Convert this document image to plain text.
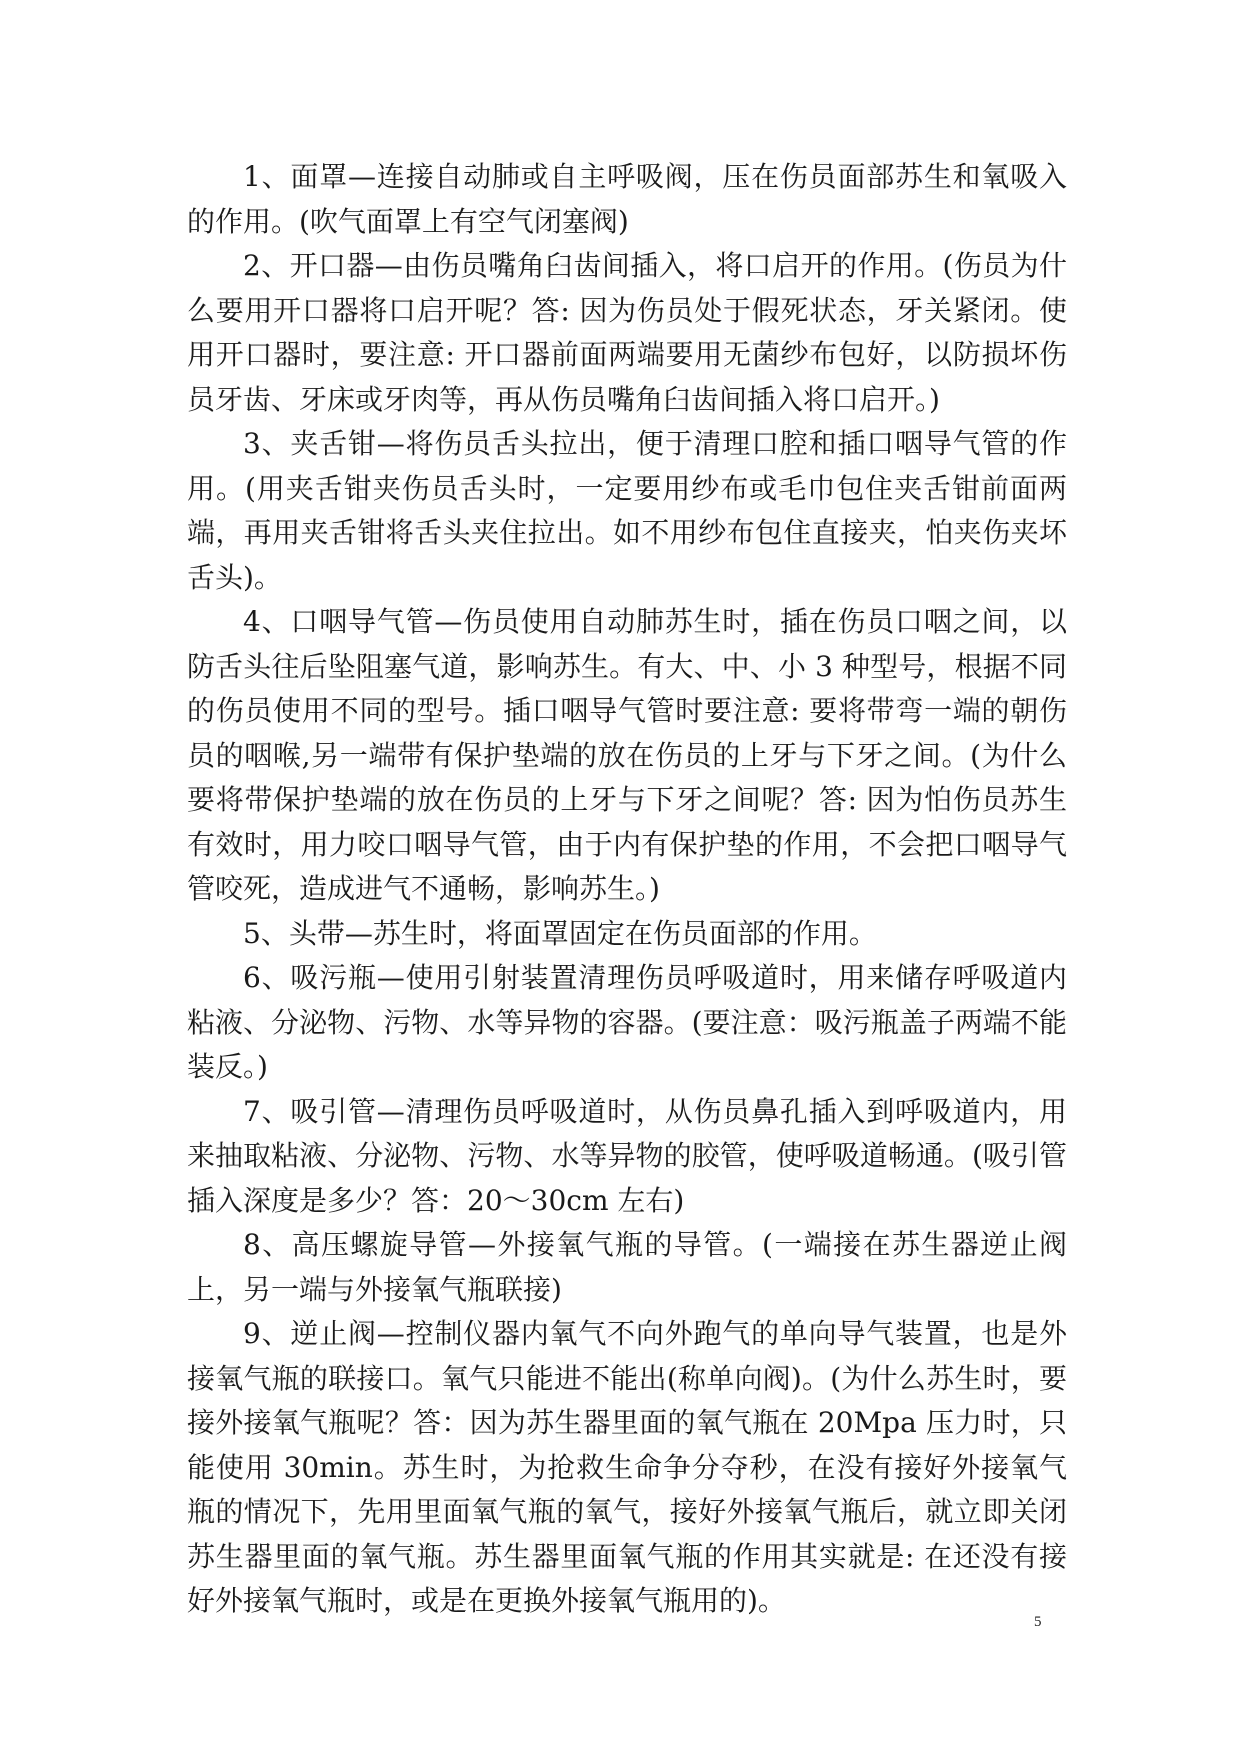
1、面罩—连接自动肺或自主呼吸阀，压在伤员面部苏生和氧吸入的作用。(吹气面罩上有空气闭塞阀)

2、开口器—由伤员嘴角臼齿间插入，将口启开的作用。(伤员为什么要用开口器将口启开呢？答: 因为伤员处于假死状态，牙关紧闭。使用开口器时，要注意: 开口器前面两端要用无菌纱布包好，以防损坏伤员牙齿、牙床或牙肉等，再从伤员嘴角臼齿间插入将口启开。)

3、夹舌钳—将伤员舌头拉出，便于清理口腔和插口咽导气管的作用。(用夹舌钳夹伤员舌头时，一定要用纱布或毛巾包住夹舌钳前面两端，再用夹舌钳将舌头夹住拉出。如不用纱布包住直接夹，怕夹伤夹坏舌头)。

4、口咽导气管—伤员使用自动肺苏生时，插在伤员口咽之间，以防舌头往后坠阻塞气道，影响苏生。有大、中、小 3 种型号，根据不同的伤员使用不同的型号。插口咽导气管时要注意: 要将带弯一端的朝伤员的咽喉,另一端带有保护垫端的放在伤员的上牙与下牙之间。(为什么要将带保护垫端的放在伤员的上牙与下牙之间呢？答: 因为怕伤员苏生有效时，用力咬口咽导气管，由于内有保护垫的作用，不会把口咽导气管咬死，造成进气不通畅，影响苏生。)

5、头带—苏生时，将面罩固定在伤员面部的作用。

6、吸污瓶—使用引射装置清理伤员呼吸道时，用来储存呼吸道内粘液、分泌物、污物、水等异物的容器。(要注意：吸污瓶盖子两端不能装反。)

7、吸引管—清理伤员呼吸道时，从伤员鼻孔插入到呼吸道内，用来抽取粘液、分泌物、污物、水等异物的胶管，使呼吸道畅通。(吸引管插入深度是多少？答：20～30cm 左右)

8、高压螺旋导管—外接氧气瓶的导管。(一端接在苏生器逆止阀上，另一端与外接氧气瓶联接)

9、逆止阀—控制仪器内氧气不向外跑气的单向导气装置，也是外接氧气瓶的联接口。氧气只能进不能出(称单向阀)。(为什么苏生时，要接外接氧气瓶呢？答：因为苏生器里面的氧气瓶在 20Mpa 压力时，只能使用 30min。苏生时，为抢救生命争分夺秒，在没有接好外接氧气瓶的情况下，先用里面氧气瓶的氧气，接好外接氧气瓶后，就立即关闭苏生器里面的氧气瓶。苏生器里面氧气瓶的作用其实就是: 在还没有接好外接氧气瓶时，或是在更换外接氧气瓶用的)。

5
